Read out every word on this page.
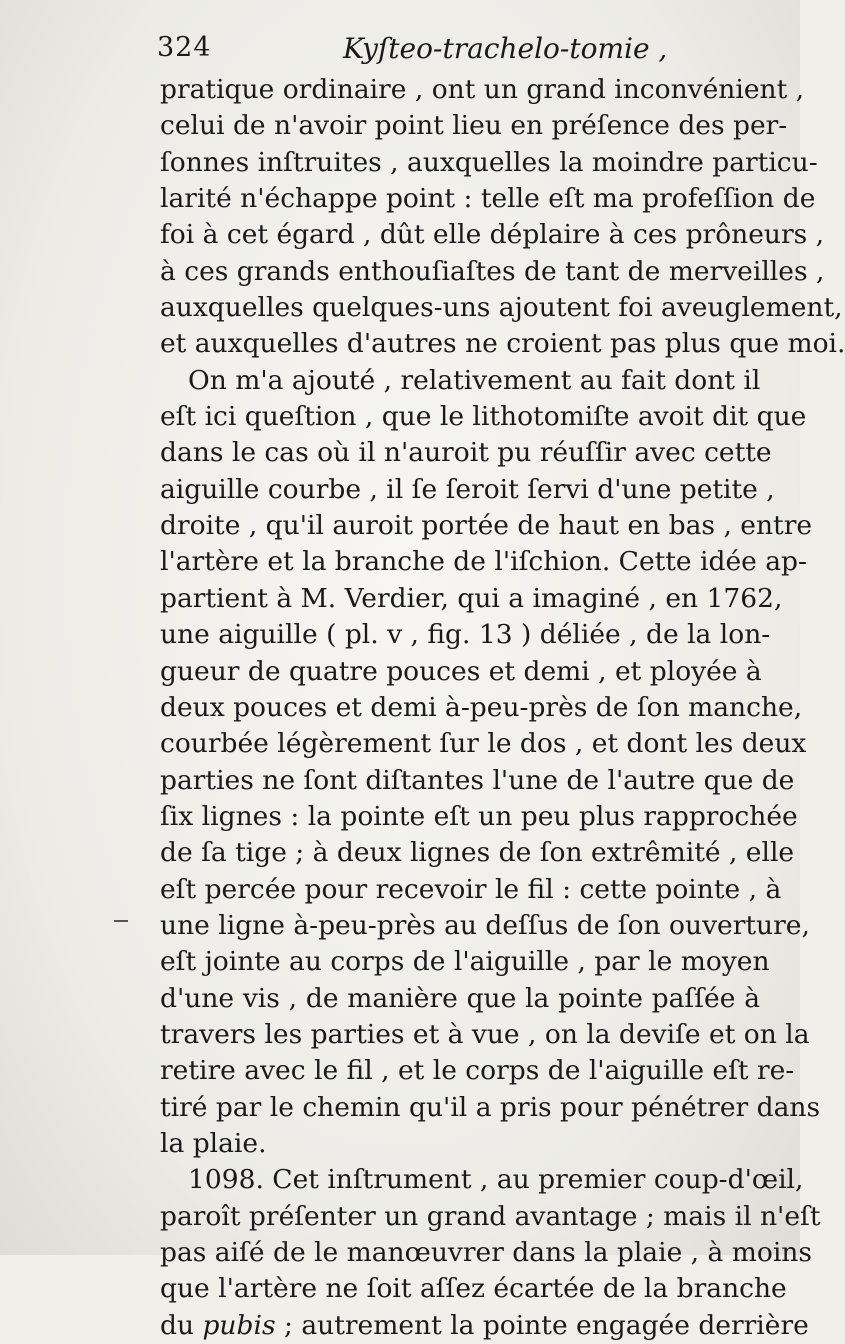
324	Kyſteo-trachelo-tomie ,
pratique ordinaire , ont un grand inconvénient ,
celui de n'avoir point lieu en préſence des per-
ſonnes inſtruites , auxquelles la moindre particu-
larité n'échappe point : telle eſt ma profeſſion de
foi à cet égard , dût elle déplaire à ces prôneurs ,
à ces grands enthouſiaſtes de tant de merveilles ,
auxquelles quelques-uns ajoutent foi aveuglement,
et auxquelles d'autres ne croient pas plus que moi.
On m'a ajouté , relativement au fait dont il
eſt ici queſtion , que le lithotomiſte avoit dit que
dans le cas où il n'auroit pu réuſſir avec cette
aiguille courbe , il ſe ſeroit ſervi d'une petite ,
droite , qu'il auroit portée de haut en bas , entre
l'artère et la branche de l'iſchion. Cette idée ap-
partient à M. Verdier, qui a imaginé , en 1762,
une aiguille ( pl. v , fig. 13 ) déliée , de la lon-
gueur de quatre pouces et demi , et ployée à
deux pouces et demi à-peu-près de ſon manche,
courbée légèrement ſur le dos , et dont les deux
parties ne ſont diſtantes l'une de l'autre que de
ſix lignes : la pointe eſt un peu plus rapprochée
de ſa tige ; à deux lignes de ſon extrêmité , elle
eſt percée pour recevoir le fil : cette pointe , à
une ligne à-peu-près au deſſus de ſon ouverture,
eſt jointe au corps de l'aiguille , par le moyen
d'une vis , de manière que la pointe paſſée à
travers les parties et à vue , on la deviſe et on la
retire avec le fil , et le corps de l'aiguille eſt re-
tiré par le chemin qu'il a pris pour pénétrer dans
la plaie.
1098. Cet inſtrument , au premier coup-d'œil,
paroît préſenter un grand avantage ; mais il n'eſt
pas aiſé de le manœuvrer dans la plaie , à moins
que l'artère ne ſoit aſſez écartée de la branche
du pubis ; autrement la pointe engagée derrière
